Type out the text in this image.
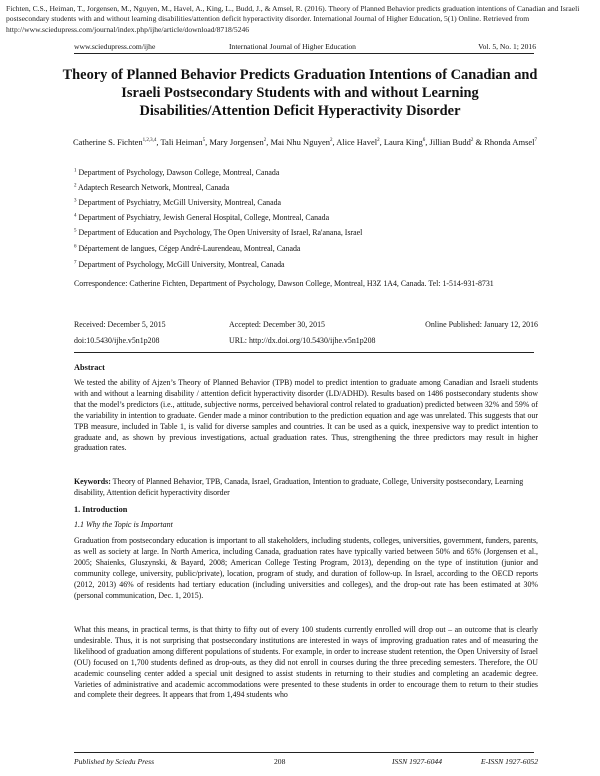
Fichten, C.S., Heiman, T., Jorgensen, M., Nguyen, M., Havel, A., King, L., Budd, J., & Amsel, R. (2016). Theory of Planned Behavior predicts graduation intentions of Canadian and Israeli postsecondary students with and without learning disabilities/attention deficit hyperactivity disorder. International Journal of Higher Education, 5(1) Online. Retrieved from http://www.sciedupress.com/journal/index.php/ijhe/article/download/8718/5246
www.sciedupress.com/ijhe	International Journal of Higher Education	Vol. 5, No. 1; 2016
Theory of Planned Behavior Predicts Graduation Intentions of Canadian and Israeli Postsecondary Students with and without Learning Disabilities/Attention Deficit Hyperactivity Disorder
Catherine S. Fichten$^{1,2,3,4}$, Tali Heiman$^5$, Mary Jorgensen$^2$, Mai Nhu Nguyen$^2$, Alice Havel$^2$, Laura King$^6$, Jillian Budd$^2$ & Rhonda Amsel$^7$
$^1$ Department of Psychology, Dawson College, Montreal, Canada
$^2$ Adaptech Research Network, Montreal, Canada
$^3$ Department of Psychiatry, McGill University, Montreal, Canada
$^4$ Department of Psychiatry, Jewish General Hospital, College, Montreal, Canada
$^5$ Department of Education and Psychology, The Open University of Israel, Ra'anana, Israel
$^6$ Département de langues, Cégep André-Laurendeau, Montreal, Canada
$^7$ Department of Psychology, McGill University, Montreal, Canada
Correspondence: Catherine Fichten, Department of Psychology, Dawson College, Montreal, H3Z 1A4, Canada. Tel: 1-514-931-8731
Received: December 5, 2015	Accepted: December 30, 2015	Online Published: January 12, 2016
doi:10.5430/ijhe.v5n1p208	URL: http://dx.doi.org/10.5430/ijhe.v5n1p208
Abstract
We tested the ability of Ajzen’s Theory of Planned Behavior (TPB) model to predict intention to graduate among Canadian and Israeli students with and without a learning disability / attention deficit hyperactivity disorder (LD/ADHD). Results based on 1486 postsecondary students show that the model’s predictors (i.e., attitude, subjective norms, perceived behavioral control related to graduation) predicted between 32% and 59% of the variability in intention to graduate. Gender made a minor contribution to the prediction equation and age was unrelated. This suggests that our TPB measure, included in Table 1, is valid for diverse samples and countries. It can be used as a quick, inexpensive way to predict intention to graduate and, as shown by previous investigations, actual graduation rates. Thus, strengthening the three predictors may result in higher graduation rates.
Keywords: Theory of Planned Behavior, TPB, Canada, Israel, Graduation, Intention to graduate, College, University postsecondary, Learning disability, Attention deficit hyperactivity disorder
1. Introduction
1.1 Why the Topic is Important
Graduation from postsecondary education is important to all stakeholders, including students, colleges, universities, government, funders, parents, as well as society at large. In North America, including Canada, graduation rates have typically varied between 50% and 65% (Jorgensen et al., 2005; Shaienks, Gluszynski, & Bayard, 2008; American College Testing Program, 2013), depending on the type of institution (junior and community college, university, public/private), location, program of study, and duration of follow-up. In Israel, according to the OECD reports (2012, 2013) 46% of residents had tertiary education (including universities and colleges), and the drop-out rate has been estimated at 30% (personal communication, Dec. 1, 2015).
What this means, in practical terms, is that thirty to fifty out of every 100 students currently enrolled will drop out – an outcome that is clearly undesirable. Thus, it is not surprising that postsecondary institutions are interested in ways of improving graduation rates and of measuring the likelihood of graduation among different populations of students. For example, in order to increase student retention, the Open University of Israel (OU) focused on 1,700 students defined as drop-outs, as they did not enroll in courses during the three preceding semesters. Therefore, the OU academic counseling center added a special unit designed to assist students in returning to their studies and completing an academic degree. Varieties of administrative and academic accommodations were presented to these students in order to encourage them to return to their studies and complete their degrees. It appears that from 1,494 students who
Published by Sciedu Press	208	ISSN 1927-6044	E-ISSN 1927-6052
